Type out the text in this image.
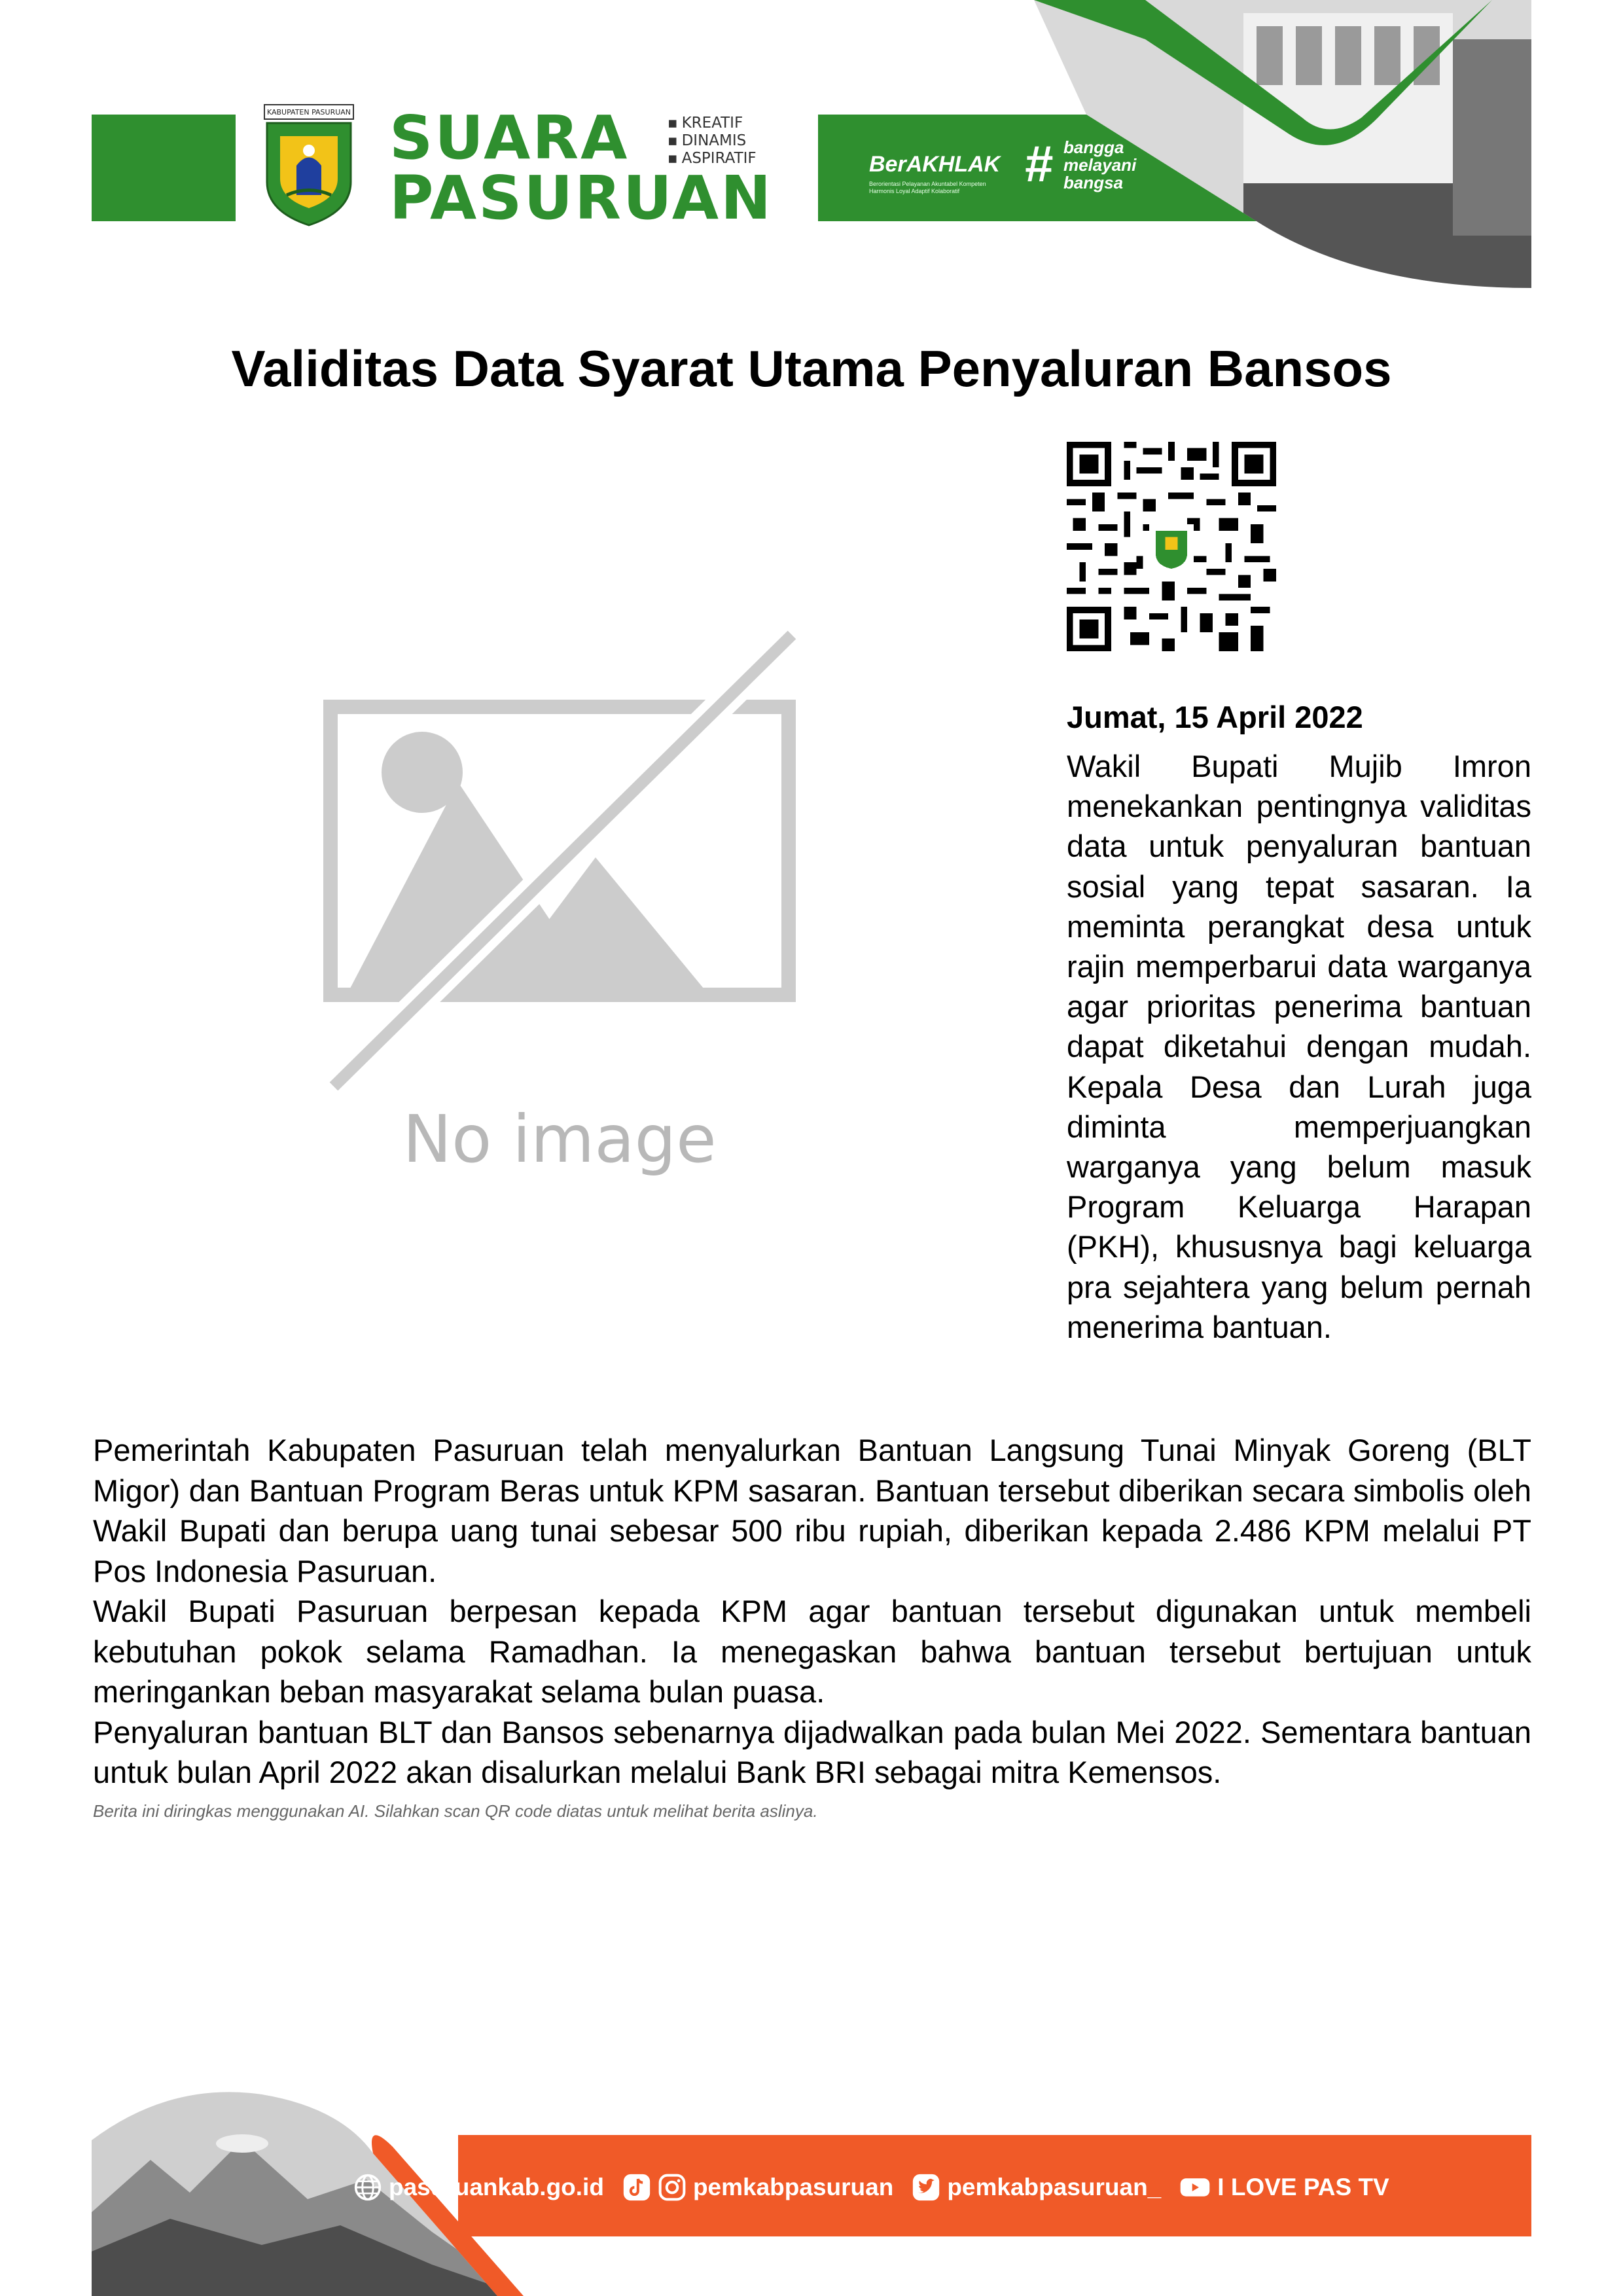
KABUPATEN PASURUAN SUARA
PASURUAN
▪ KREATIF
▪ DINAMIS
▪ ASPIRATIF	BerAKHLAK
Berorientasi Pelayanan Akuntabel Kompeten Harmonis Loyal Adaptif Kolaboratif	# bangga
melayani
bangsa
Validitas Data Syarat Utama Penyaluran Bansos
No image
Jumat, 15 April 2022
Wakil Bupati Mujib Imron menekankan pentingnya validitas data untuk penyaluran bantuan sosial yang tepat sasaran. Ia meminta perangkat desa untuk rajin memperbarui data warganya agar prioritas penerima bantuan dapat diketahui dengan mudah. Kepala Desa dan Lurah juga diminta memperjuangkan warganya yang belum masuk Program Keluarga Harapan (PKH), khususnya bagi keluarga pra sejahtera yang belum pernah menerima bantuan.

Pemerintah Kabupaten Pasuruan telah menyalurkan Bantuan Langsung Tunai Minyak Goreng (BLT Migor) dan Bantuan Program Beras untuk KPM sasaran. Bantuan tersebut diberikan secara simbolis oleh Wakil Bupati dan berupa uang tunai sebesar 500 ribu rupiah, diberikan kepada 2.486 KPM melalui PT Pos Indonesia Pasuruan.

Wakil Bupati Pasuruan berpesan kepada KPM agar bantuan tersebut digunakan untuk membeli kebutuhan pokok selama Ramadhan. Ia menegaskan bahwa bantuan tersebut bertujuan untuk meringankan beban masyarakat selama bulan puasa.

Penyaluran bantuan BLT dan Bansos sebenarnya dijadwalkan pada bulan Mei 2022. Sementara bantuan untuk bulan April 2022 akan disalurkan melalui Bank BRI sebagai mitra Kemensos.

Berita ini diringkas menggunakan AI. Silahkan scan QR code diatas untuk melihat berita aslinya.
pasuruankab.go.id	pemkabpasuruan pemkabpasuruan_ I LOVE PAS TV
